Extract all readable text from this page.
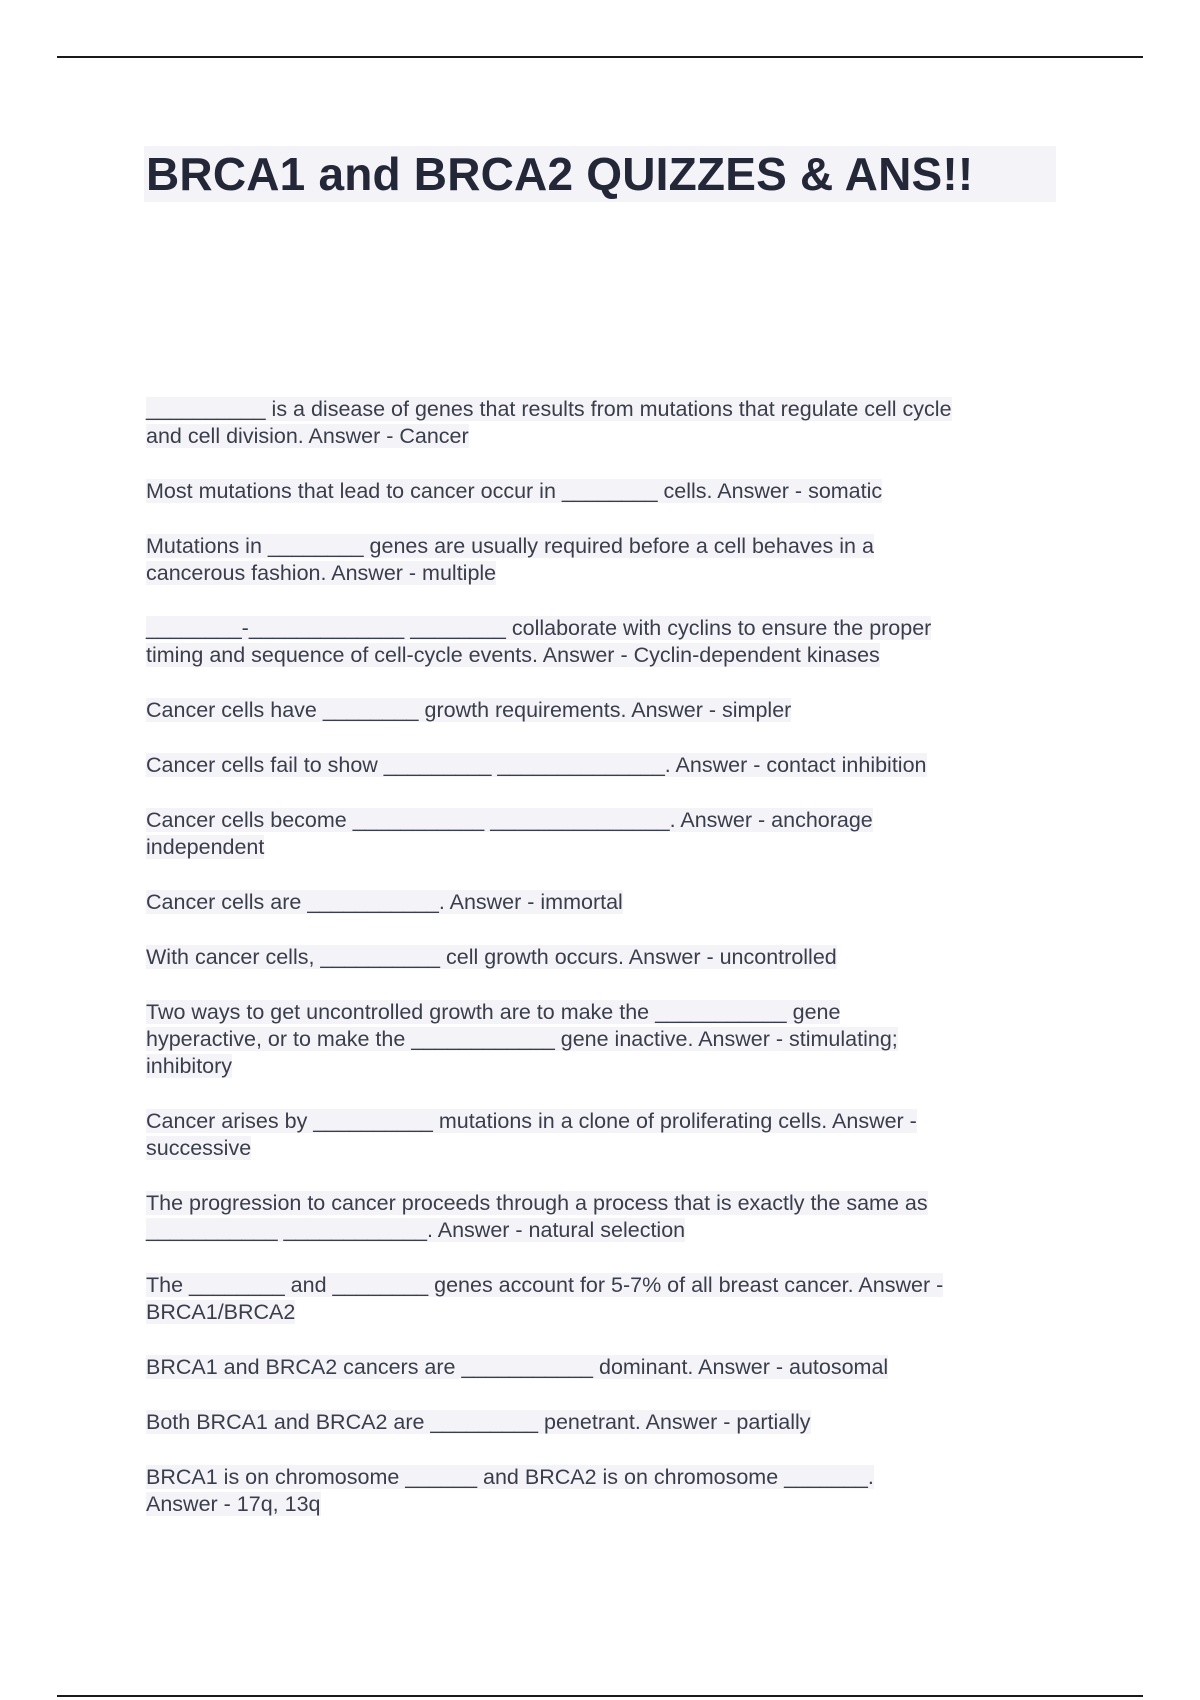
BRCA1 and BRCA2 QUIZZES & ANS!!

__________ is a disease of genes that results from mutations that regulate cell cycle
and cell division. Answer - Cancer

Most mutations that lead to cancer occur in ________ cells. Answer - somatic

Mutations in ________ genes are usually required before a cell behaves in a
cancerous fashion. Answer - multiple

________-_____________ ________ collaborate with cyclins to ensure the proper
timing and sequence of cell-cycle events. Answer - Cyclin-dependent kinases

Cancer cells have ________ growth requirements. Answer - simpler

Cancer cells fail to show _________ ______________. Answer - contact inhibition

Cancer cells become ___________ _______________. Answer - anchorage
independent

Cancer cells are ___________. Answer - immortal

With cancer cells, __________ cell growth occurs. Answer - uncontrolled

Two ways to get uncontrolled growth are to make the ___________ gene
hyperactive, or to make the ____________ gene inactive. Answer - stimulating;
inhibitory

Cancer arises by __________ mutations in a clone of proliferating cells. Answer -
successive

The progression to cancer proceeds through a process that is exactly the same as
___________ ____________. Answer - natural selection

The ________ and ________ genes account for 5-7% of all breast cancer. Answer -
BRCA1/BRCA2

BRCA1 and BRCA2 cancers are ___________ dominant. Answer - autosomal

Both BRCA1 and BRCA2 are _________ penetrant. Answer - partially

BRCA1 is on chromosome ______ and BRCA2 is on chromosome _______.
Answer - 17q, 13q
